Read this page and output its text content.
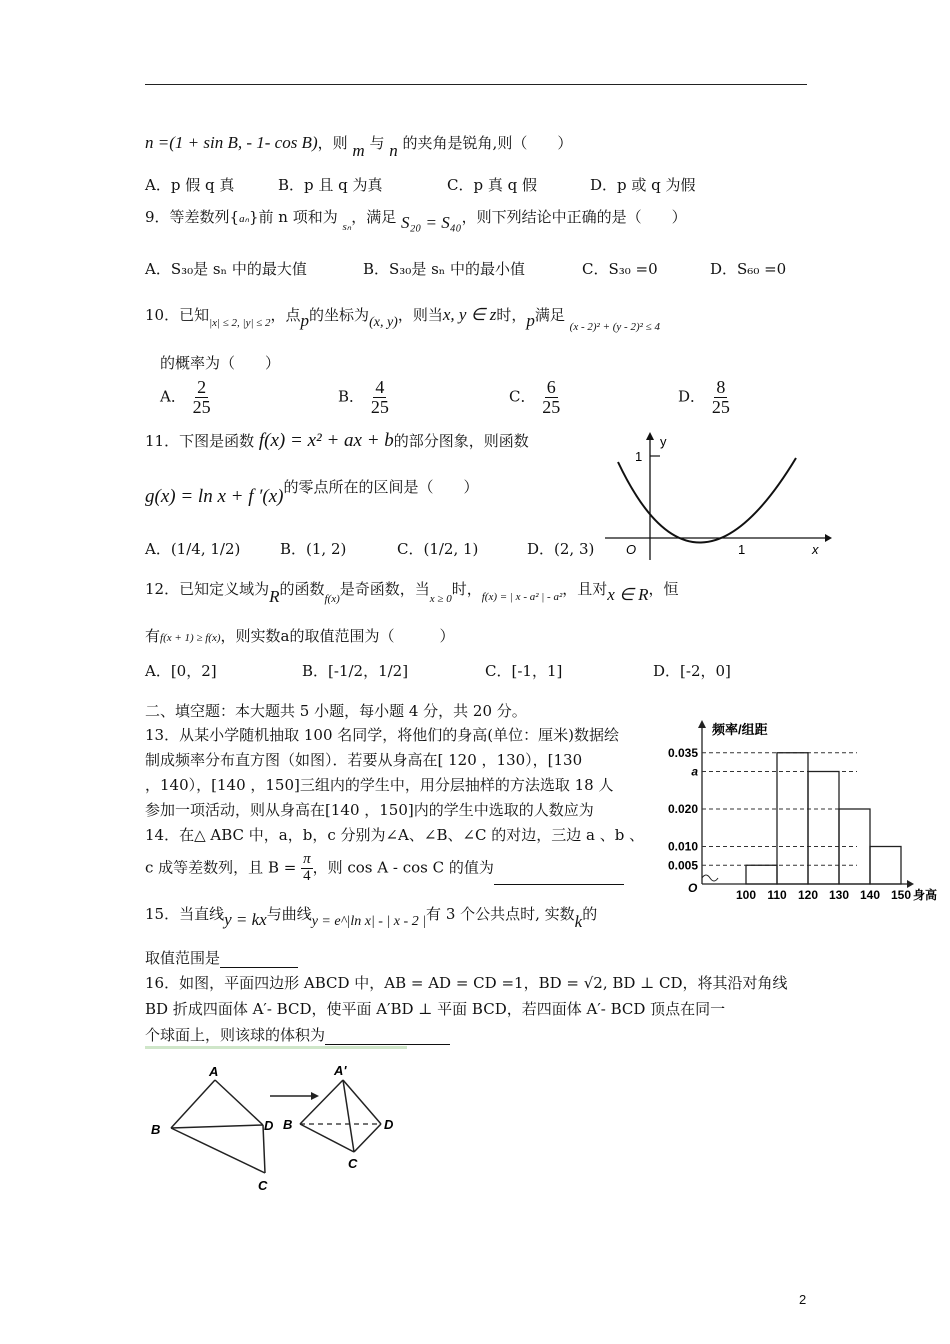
n =(1 + sin B, - 1- cos B)，则 m 与 n 的夹角是锐角,则（　　）
A．p 假 q 真	B．p 且 q 为真	C．p 真 q 假	D．p 或 q 为假
9．等差数列{aₙ}前 n 项和为 $_{s_n}$，满足 S₂₀ = S₄₀，则下列结论中正确的是（　　）
A．S₃₀是 sₙ 中的最大值	B．S₃₀是 sₙ 中的最小值	C．S₃₀ =0	D．S₆₀ =0
10．已知$_{|x| \le 2, |y| \le 2}$，点p的坐标为(x, y)，则当x, y ∈ z时，p满足 $_{(x - 2)^2 + (y - 2)^2 \le 4}$
的概率为（　　）
A． $\frac{2}{25}$	B． $\frac{4}{25}$	C． $\frac{6}{25}$	D． $\frac{8}{25}$
11．下图是函数 f(x) = x² + ax + b的部分图象，则函数
g(x) = ln x + f ′(x)的零点所在的区间是（　　）
A．(1/4, 1/2)	B．(1, 2)	C．(1/2, 1)	D．(2, 3)
y
1
O	1	x
12．已知定义域为R的函数$_{f(x)}$是奇函数，当$_{x \ge 0}$时，$_{f(x) = | x - a^2 | - a^2}$，且对x ∈ R，恒
有f(x + 1) ≥ f(x)，则实数a的取值范围为（　　　）
A．[0，2]	B．[-1/2，1/2]	C．[-1，1]	D．[-2，0]
二、填空题：本大题共 5 小题，每小题 4 分，共 20 分。
13．从某小学随机抽取 100 名同学，将他们的身高(单位：厘米)数据绘
制成频率分布直方图（如图）．若要从身高在[ 120 ，130），[130
，140），[140 ，150]三组内的学生中，用分层抽样的方法选取 18 人
参加一项活动，则从身高在[140 ，150]内的学生中选取的人数应为
14．在△ ABC 中，a，b，c 分别为∠A、∠B、∠C 的对边，三边 a 、b 、
c 成等差数列，且 $B = \frac{\pi}{4}$ ，则 cos A - cos C 的值为
15．当直线y = kx与曲线y = e^|ln x| - | x - 2 |有 3 个公共点时, 实数k的
取值范围是
16．如图，平面四边形 ABCD 中，AB = AD = CD =1，BD = √2, BD ⊥ CD，将其沿对角线
BD 折成四面体 A′- BCD，使平面 A′BD ⊥ 平面 BCD，若四面体 A′- BCD 顶点在同一
个球面上，则该球的体积为
0.035
a
0.020
0.010
0.005
100 110 120 130 140 150
O
频率/组距
身高
A
B	D
C
A'
B	D
C
2
